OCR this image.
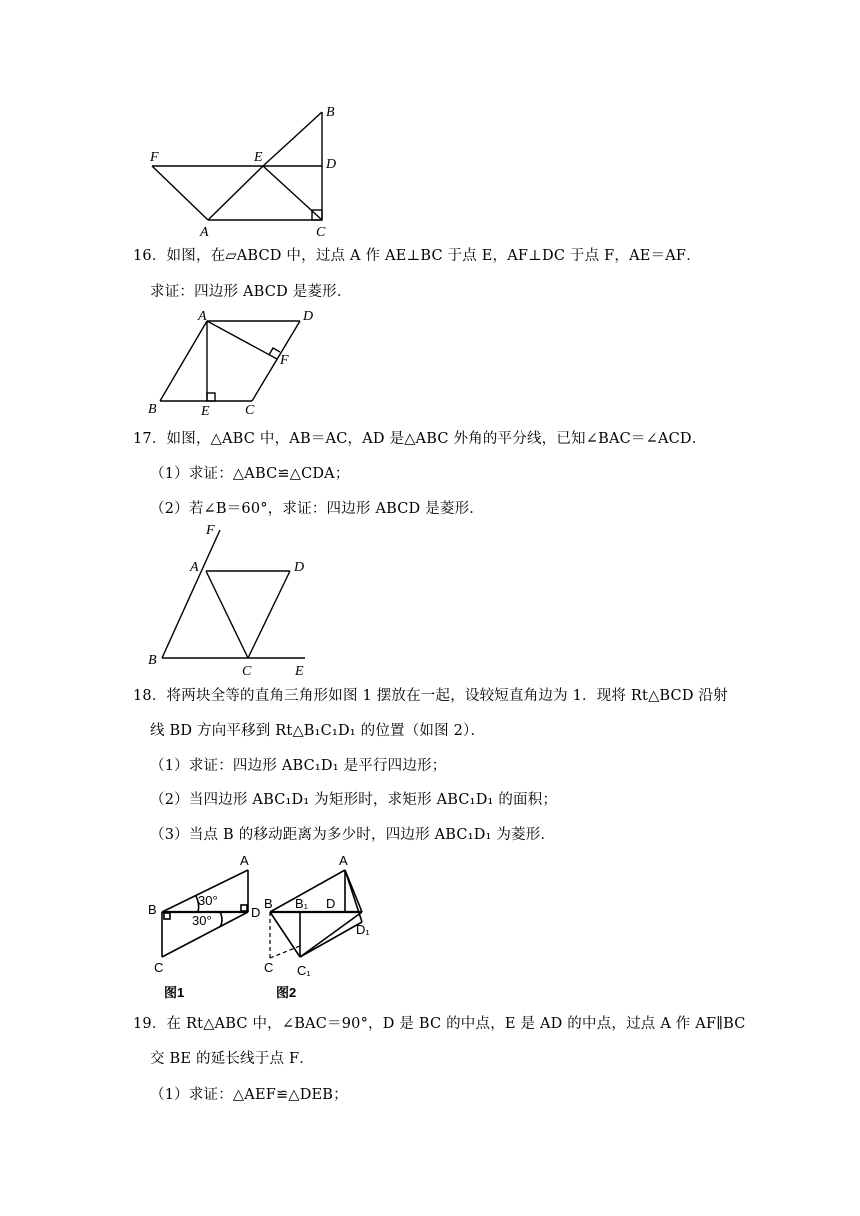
B
F	E	D
A	C
16．如图，在▱ABCD 中，过点 A 作 AE⊥BC 于点 E，AF⊥DC 于点 F，AE＝AF．
求证：四边形 ABCD 是菱形．
A	D
F
B	E	C
17．如图，△ABC 中，AB＝AC，AD 是△ABC 外角的平分线，已知∠BAC＝∠ACD．
（1）求证：△ABC≌△CDA；
（2）若∠B＝60°，求证：四边形 ABCD 是菱形．
F
A	D
B
C	E
18．将两块全等的直角三角形如图 1 摆放在一起，设较短直角边为 1．现将 Rt△BCD 沿射
线 BD 方向平移到 Rt△B₁C₁D₁ 的位置（如图 2）．
（1）求证：四边形 ABC₁D₁ 是平行四边形；
（2）当四边形 ABC₁D₁ 为矩形时，求矩形 ABC₁D₁ 的面积；
（3）当点 B 的移动距离为多少时，四边形 ABC₁D₁ 为菱形．
A
B	D
C
30°
30°
图1
A
B B₁ D
D₁
C C₁
图2
19．在 Rt△ABC 中，∠BAC＝90°，D 是 BC 的中点，E 是 AD 的中点，过点 A 作 AF∥BC
交 BE 的延长线于点 F．
（1）求证：△AEF≌△DEB；
